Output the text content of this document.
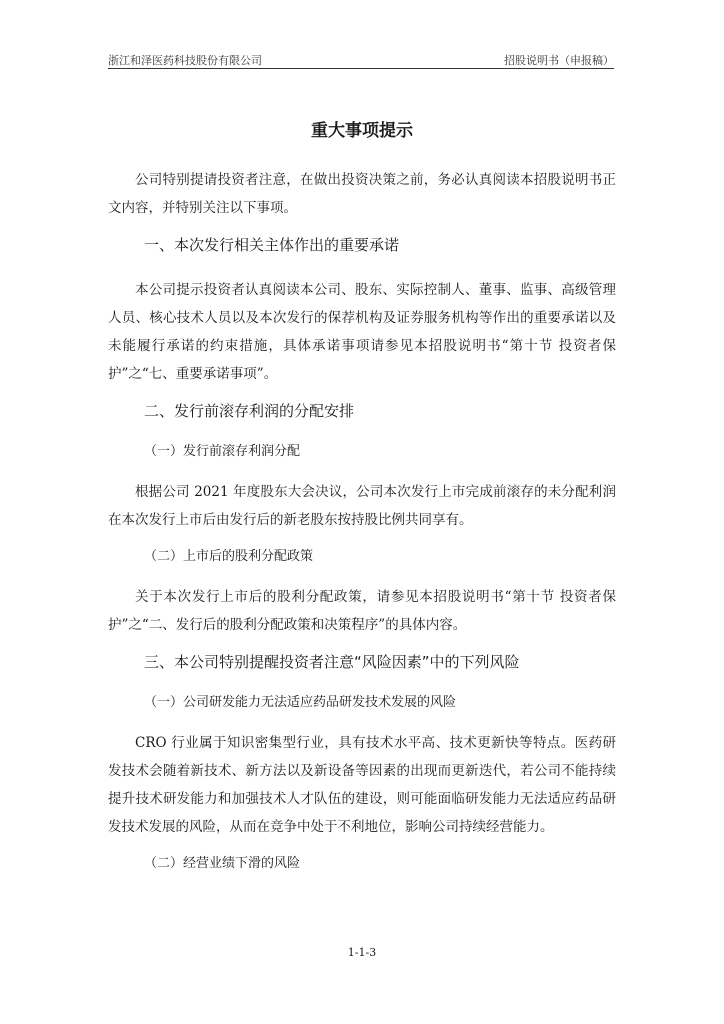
浙江和泽医药科技股份有限公司	招股说明书（申报稿）
重大事项提示

公司特别提请投资者注意，在做出投资决策之前，务必认真阅读本招股说明书正文内容，并特别关注以下事项。

一、本次发行相关主体作出的重要承诺

本公司提示投资者认真阅读本公司、股东、实际控制人、董事、监事、高级管理人员、核心技术人员以及本次发行的保荐机构及证券服务机构等作出的重要承诺以及未能履行承诺的约束措施，具体承诺事项请参见本招股说明书“第十节 投资者保护”之“七、重要承诺事项”。

二、发行前滚存利润的分配安排
（一）发行前滚存利润分配

根据公司 2021 年度股东大会决议，公司本次发行上市完成前滚存的未分配利润在本次发行上市后由发行后的新老股东按持股比例共同享有。

（二）上市后的股利分配政策

关于本次发行上市后的股利分配政策，请参见本招股说明书“第十节 投资者保护”之“二、发行后的股利分配政策和决策程序”的具体内容。

三、本公司特别提醒投资者注意“风险因素”中的下列风险
（一）公司研发能力无法适应药品研发技术发展的风险

CRO 行业属于知识密集型行业，具有技术水平高、技术更新快等特点。医药研发技术会随着新技术、新方法以及新设备等因素的出现而更新迭代，若公司不能持续提升技术研发能力和加强技术人才队伍的建设，则可能面临研发能力无法适应药品研发技术发展的风险，从而在竞争中处于不利地位，影响公司持续经营能力。

（二）经营业绩下滑的风险
1-1-3
